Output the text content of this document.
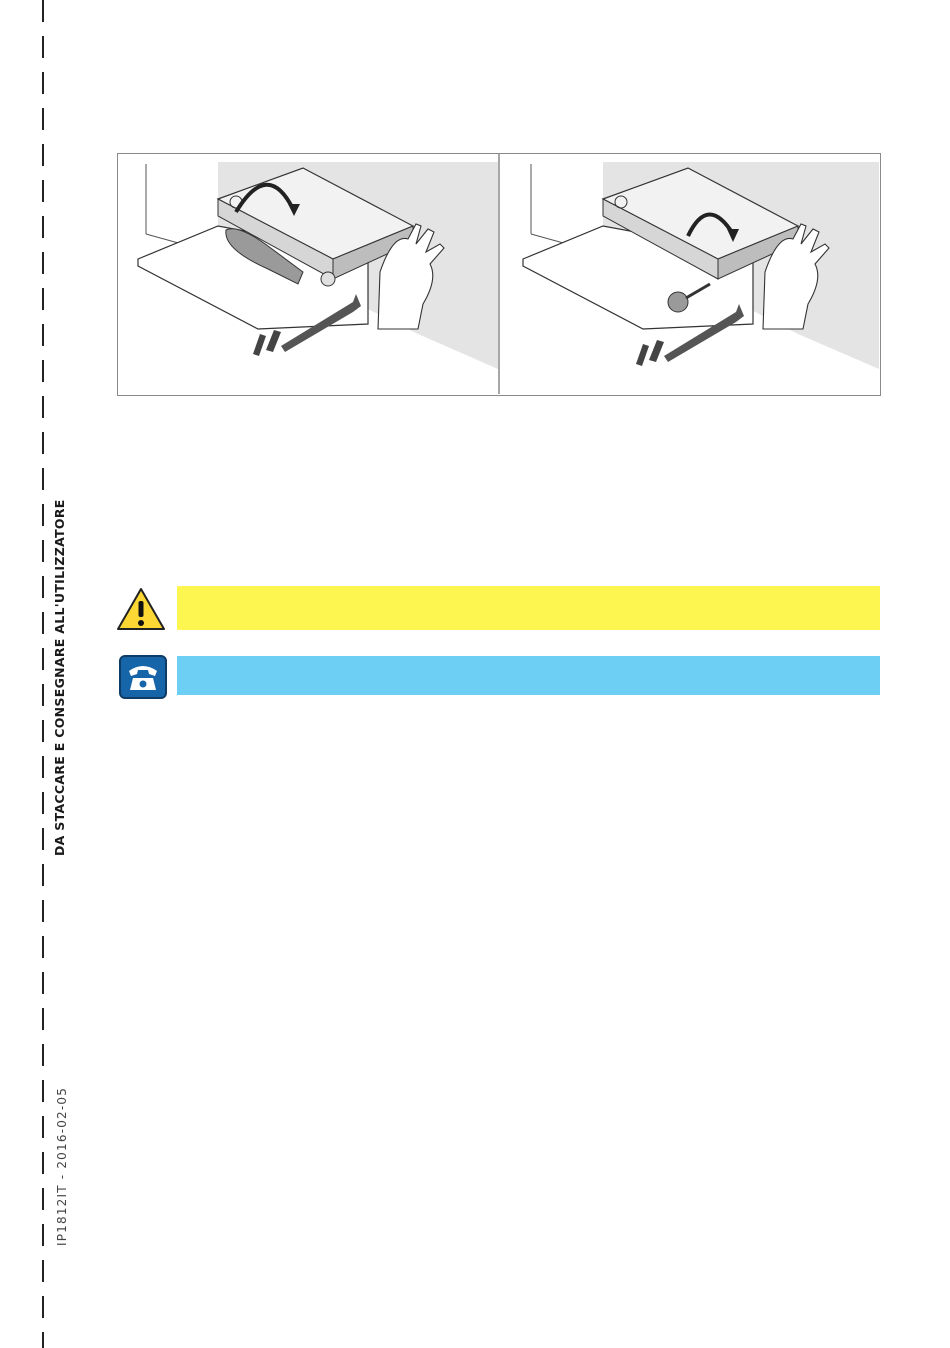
DA STACCARE E CONSEGNARE ALL'UTILIZZATORE
IP1812IT - 2016-02-05
